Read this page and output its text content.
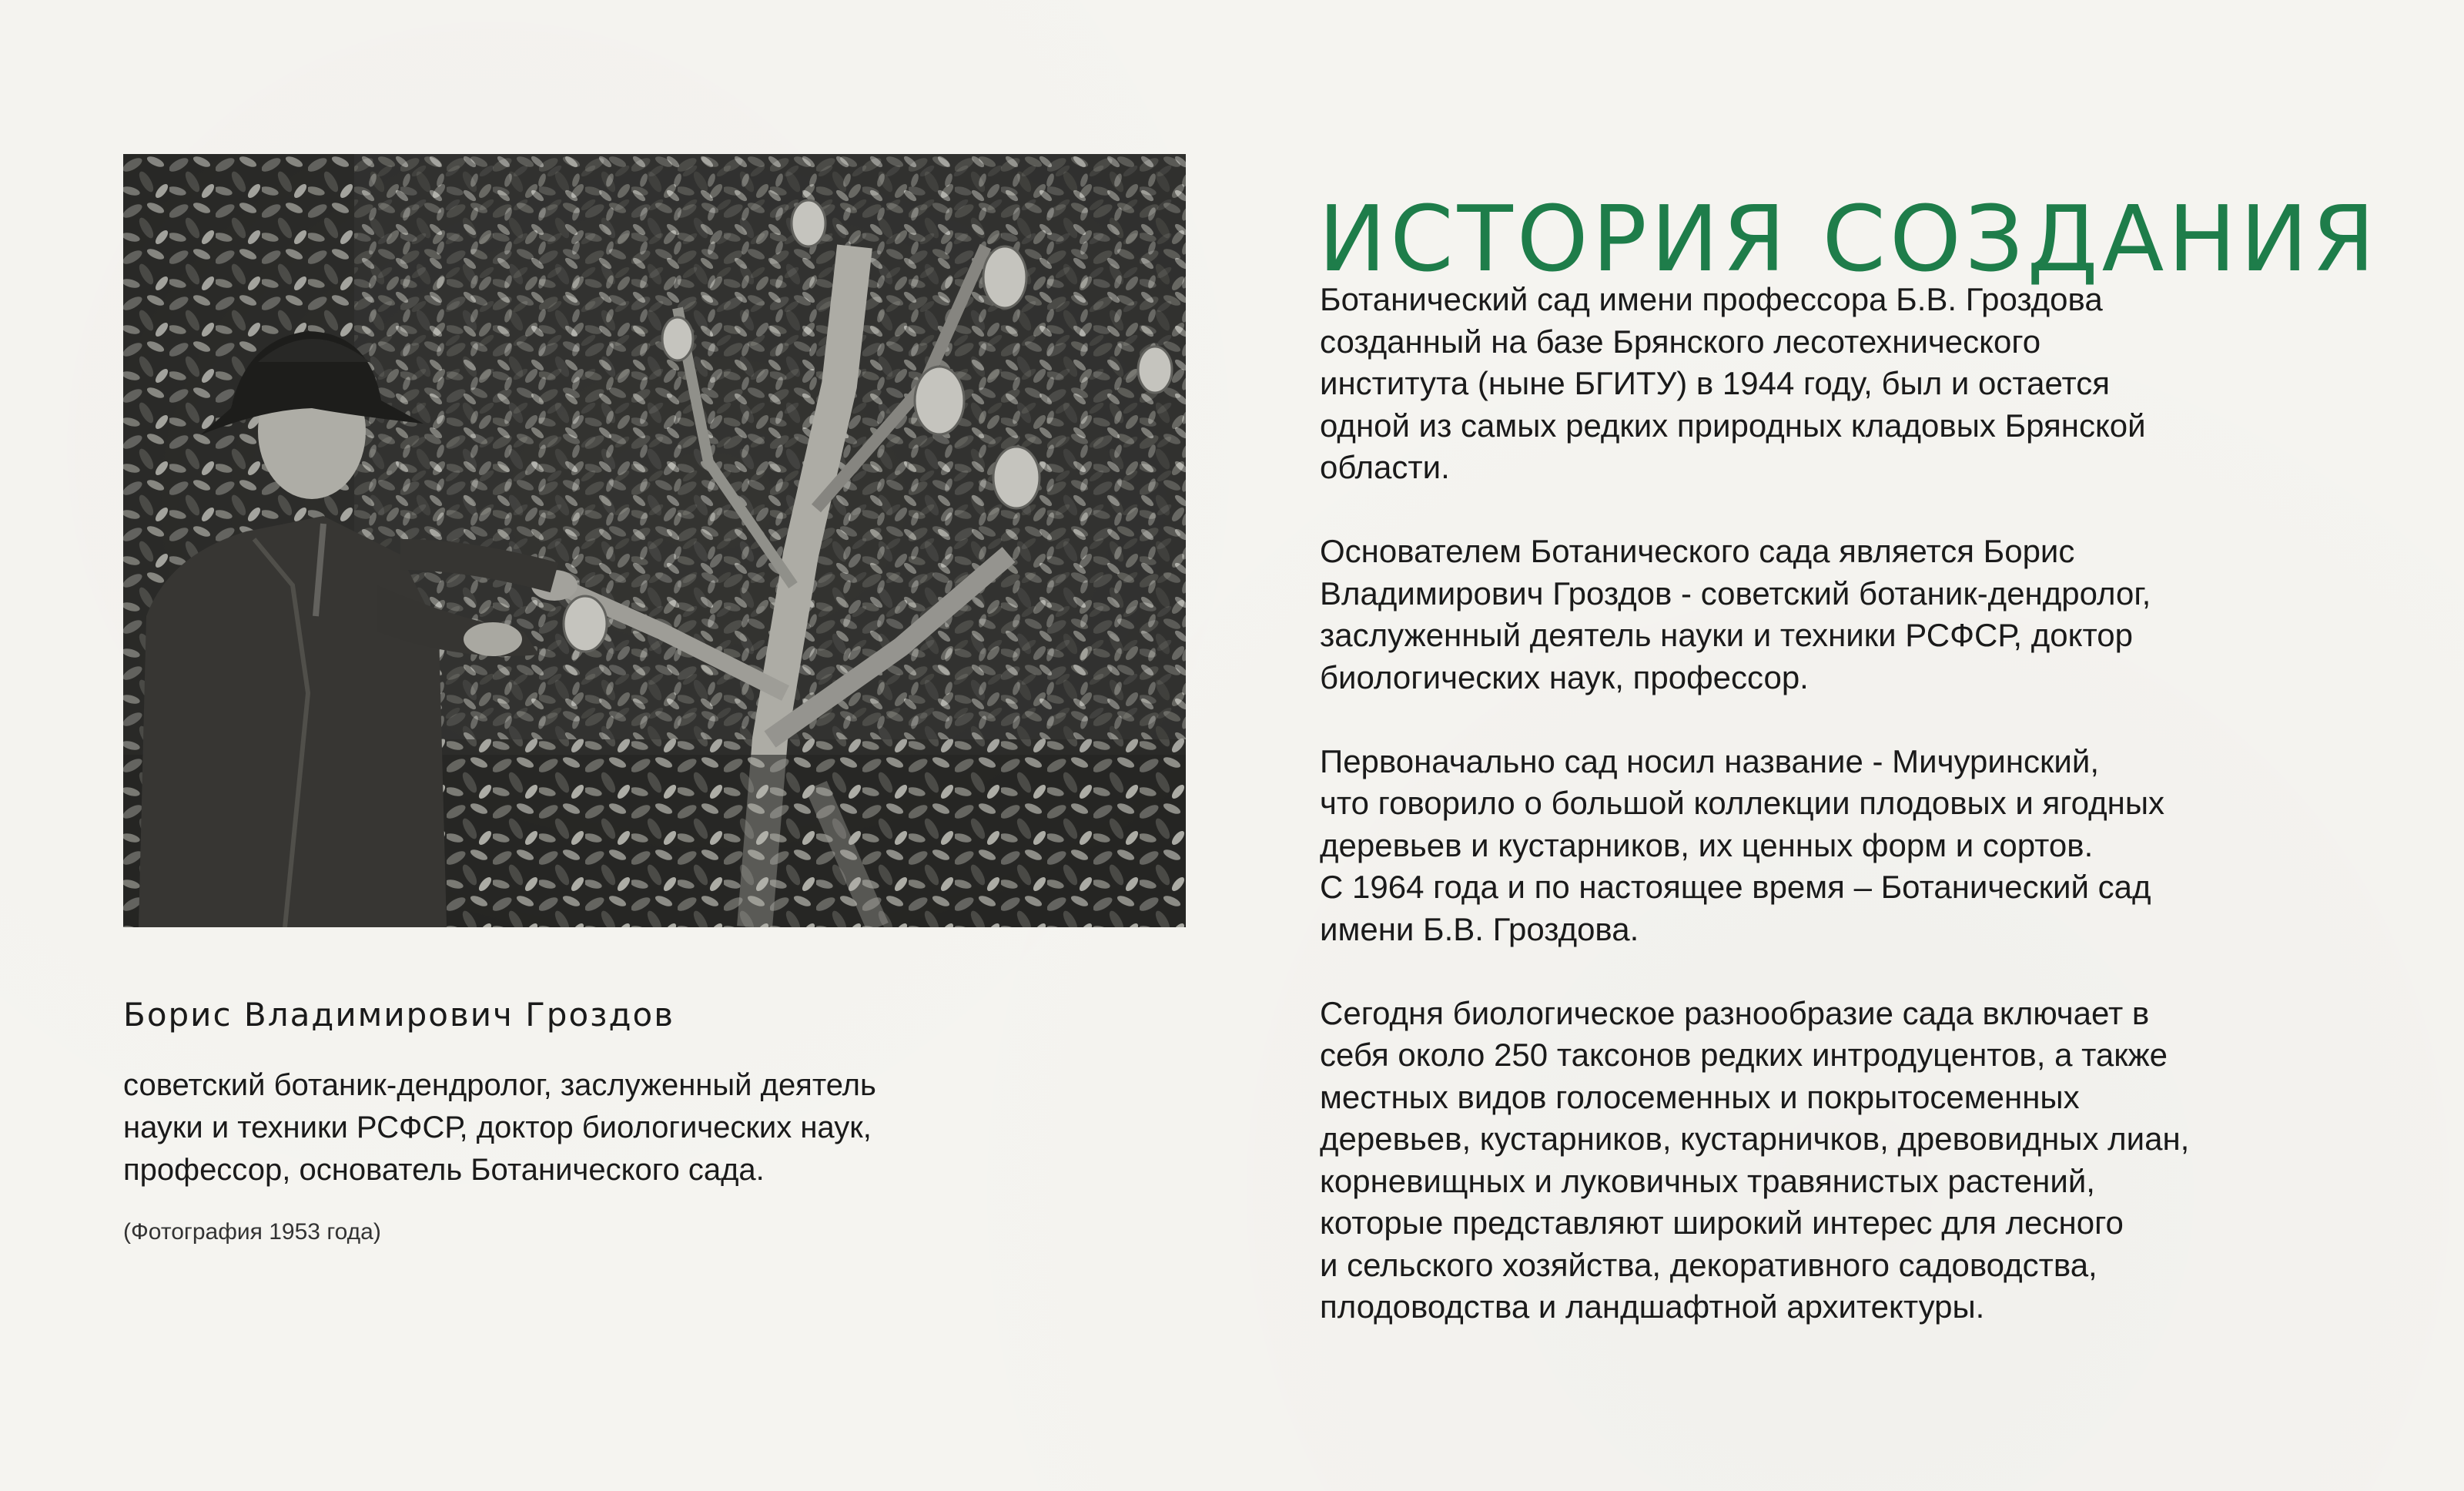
Борис Владимирович Гроздов
советский ботаник-дендролог, заслуженный деятель
науки и техники РСФСР, доктор биологических наук,
профессор, основатель Ботанического сада.
(Фотография 1953 года)
ИСТОРИЯ СОЗДАНИЯ

Ботанический сад имени профессора Б.В. Гроздова
созданный на базе Брянского лесотехнического
института (ныне БГИТУ) в 1944 году, был и остается
одной из самых редких природных кладовых Брянской
области.

Основателем Ботанического сада является Борис
Владимирович Гроздов - советский ботаник-дендролог,
заслуженный деятель науки и техники РСФСР, доктор
биологических наук, профессор.

Первоначально сад носил название - Мичуринский,
что говорило о большой коллекции плодовых и ягодных
деревьев и кустарников, их ценных форм и сортов.
С 1964 года и по настоящее время – Ботанический сад
имени Б.В. Гроздова.

Сегодня биологическое разнообразие сада включает в
себя около 250 таксонов редких интродуцентов, а также
местных видов голосеменных и покрытосеменных
деревьев, кустарников, кустарничков, древовидных лиан,
корневищных и луковичных травянистых растений,
которые представляют широкий интерес для лесного
и сельского хозяйства, декоративного садоводства,
плодоводства и ландшафтной архитектуры.
